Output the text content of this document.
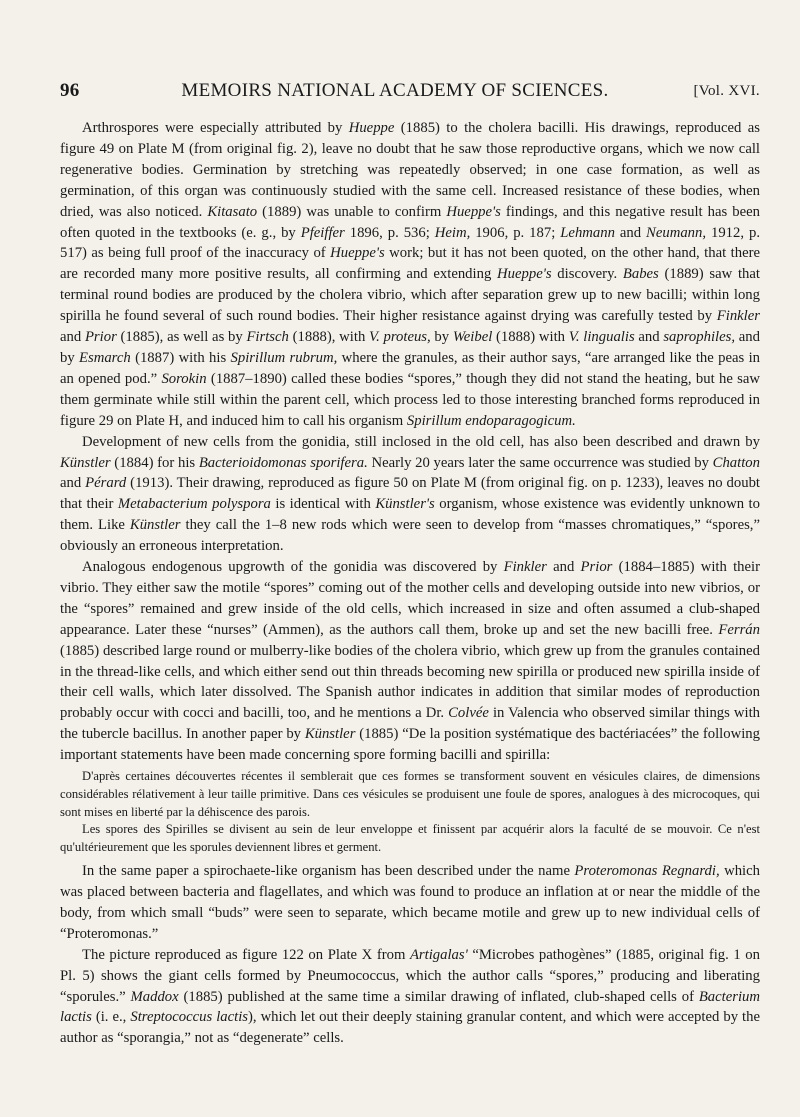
96	MEMOIRS NATIONAL ACADEMY OF SCIENCES.	[Vol. XVI.

Arthrospores were especially attributed by Hueppe (1885) to the cholera bacilli. His drawings, reproduced as figure 49 on Plate M (from original fig. 2), leave no doubt that he saw those reproductive organs, which we now call regenerative bodies. Germination by stretching was repeatedly observed; in one case formation, as well as germination, of this organ was continuously studied with the same cell. Increased resistance of these bodies, when dried, was also noticed. Kitasato (1889) was unable to confirm Hueppe's findings, and this negative result has been often quoted in the textbooks (e. g., by Pfeiffer 1896, p. 536; Heim, 1906, p. 187; Lehmann and Neumann, 1912, p. 517) as being full proof of the inaccuracy of Hueppe's work; but it has not been quoted, on the other hand, that there are recorded many more positive results, all confirming and extending Hueppe's discovery. Babes (1889) saw that terminal round bodies are produced by the cholera vibrio, which after separation grew up to new bacilli; within long spirilla he found several of such round bodies. Their higher resistance against drying was carefully tested by Finkler and Prior (1885), as well as by Firtsch (1888), with V. proteus, by Weibel (1888) with V. lingualis and saprophiles, and by Esmarch (1887) with his Spirillum rubrum, where the granules, as their author says, “are arranged like the peas in an opened pod.” Sorokin (1887–1890) called these bodies “spores,” though they did not stand the heating, but he saw them germinate while still within the parent cell, which process led to those interesting branched forms reproduced in figure 29 on Plate H, and induced him to call his organism Spirillum endoparagogicum.

Development of new cells from the gonidia, still inclosed in the old cell, has also been described and drawn by Künstler (1884) for his Bacterioidomonas sporifera. Nearly 20 years later the same occurrence was studied by Chatton and Pérard (1913). Their drawing, reproduced as figure 50 on Plate M (from original fig. on p. 1233), leaves no doubt that their Metabacterium polyspora is identical with Künstler's organism, whose existence was evidently unknown to them. Like Künstler they call the 1–8 new rods which were seen to develop from “masses chromatiques,” “spores,” obviously an erroneous interpretation.

Analogous endogenous upgrowth of the gonidia was discovered by Finkler and Prior (1884–1885) with their vibrio. They either saw the motile “spores” coming out of the mother cells and developing outside into new vibrios, or the “spores” remained and grew inside of the old cells, which increased in size and often assumed a club-shaped appearance. Later these “nurses” (Ammen), as the authors call them, broke up and set the new bacilli free. Ferrán (1885) described large round or mulberry-like bodies of the cholera vibrio, which grew up from the granules contained in the thread-like cells, and which either send out thin threads becoming new spirilla or produced new spirilla inside of their cell walls, which later dissolved. The Spanish author indicates in addition that similar modes of reproduction probably occur with cocci and bacilli, too, and he mentions a Dr. Colvée in Valencia who observed similar things with the tubercle bacillus. In another paper by Künstler (1885) “De la position systématique des bactériacées” the following important statements have been made concerning spore forming bacilli and spirilla:

D'après certaines découvertes récentes il semblerait que ces formes se transforment souvent en vésicules claires, de dimensions considérables rélativement à leur taille primitive. Dans ces vésicules se produisent une foule de spores, analogues à des microcoques, qui sont mises en liberté par la déhiscence des parois.

Les spores des Spirilles se divisent au sein de leur enveloppe et finissent par acquérir alors la faculté de se mouvoir. Ce n'est qu'ultérieurement que les sporules deviennent libres et germent.

In the same paper a spirochaete-like organism has been described under the name Proteromonas Regnardi, which was placed between bacteria and flagellates, and which was found to produce an inflation at or near the middle of the body, from which small “buds” were seen to separate, which became motile and grew up to new individual cells of “Proteromonas.”

The picture reproduced as figure 122 on Plate X from Artigalas' “Microbes pathogènes” (1885, original fig. 1 on Pl. 5) shows the giant cells formed by Pneumococcus, which the author calls “spores,” producing and liberating “sporules.” Maddox (1885) published at the same time a similar drawing of inflated, club-shaped cells of Bacterium lactis (i. e., Streptococcus lactis), which let out their deeply staining granular content, and which were accepted by the author as “sporangia,” not as “degenerate” cells.
